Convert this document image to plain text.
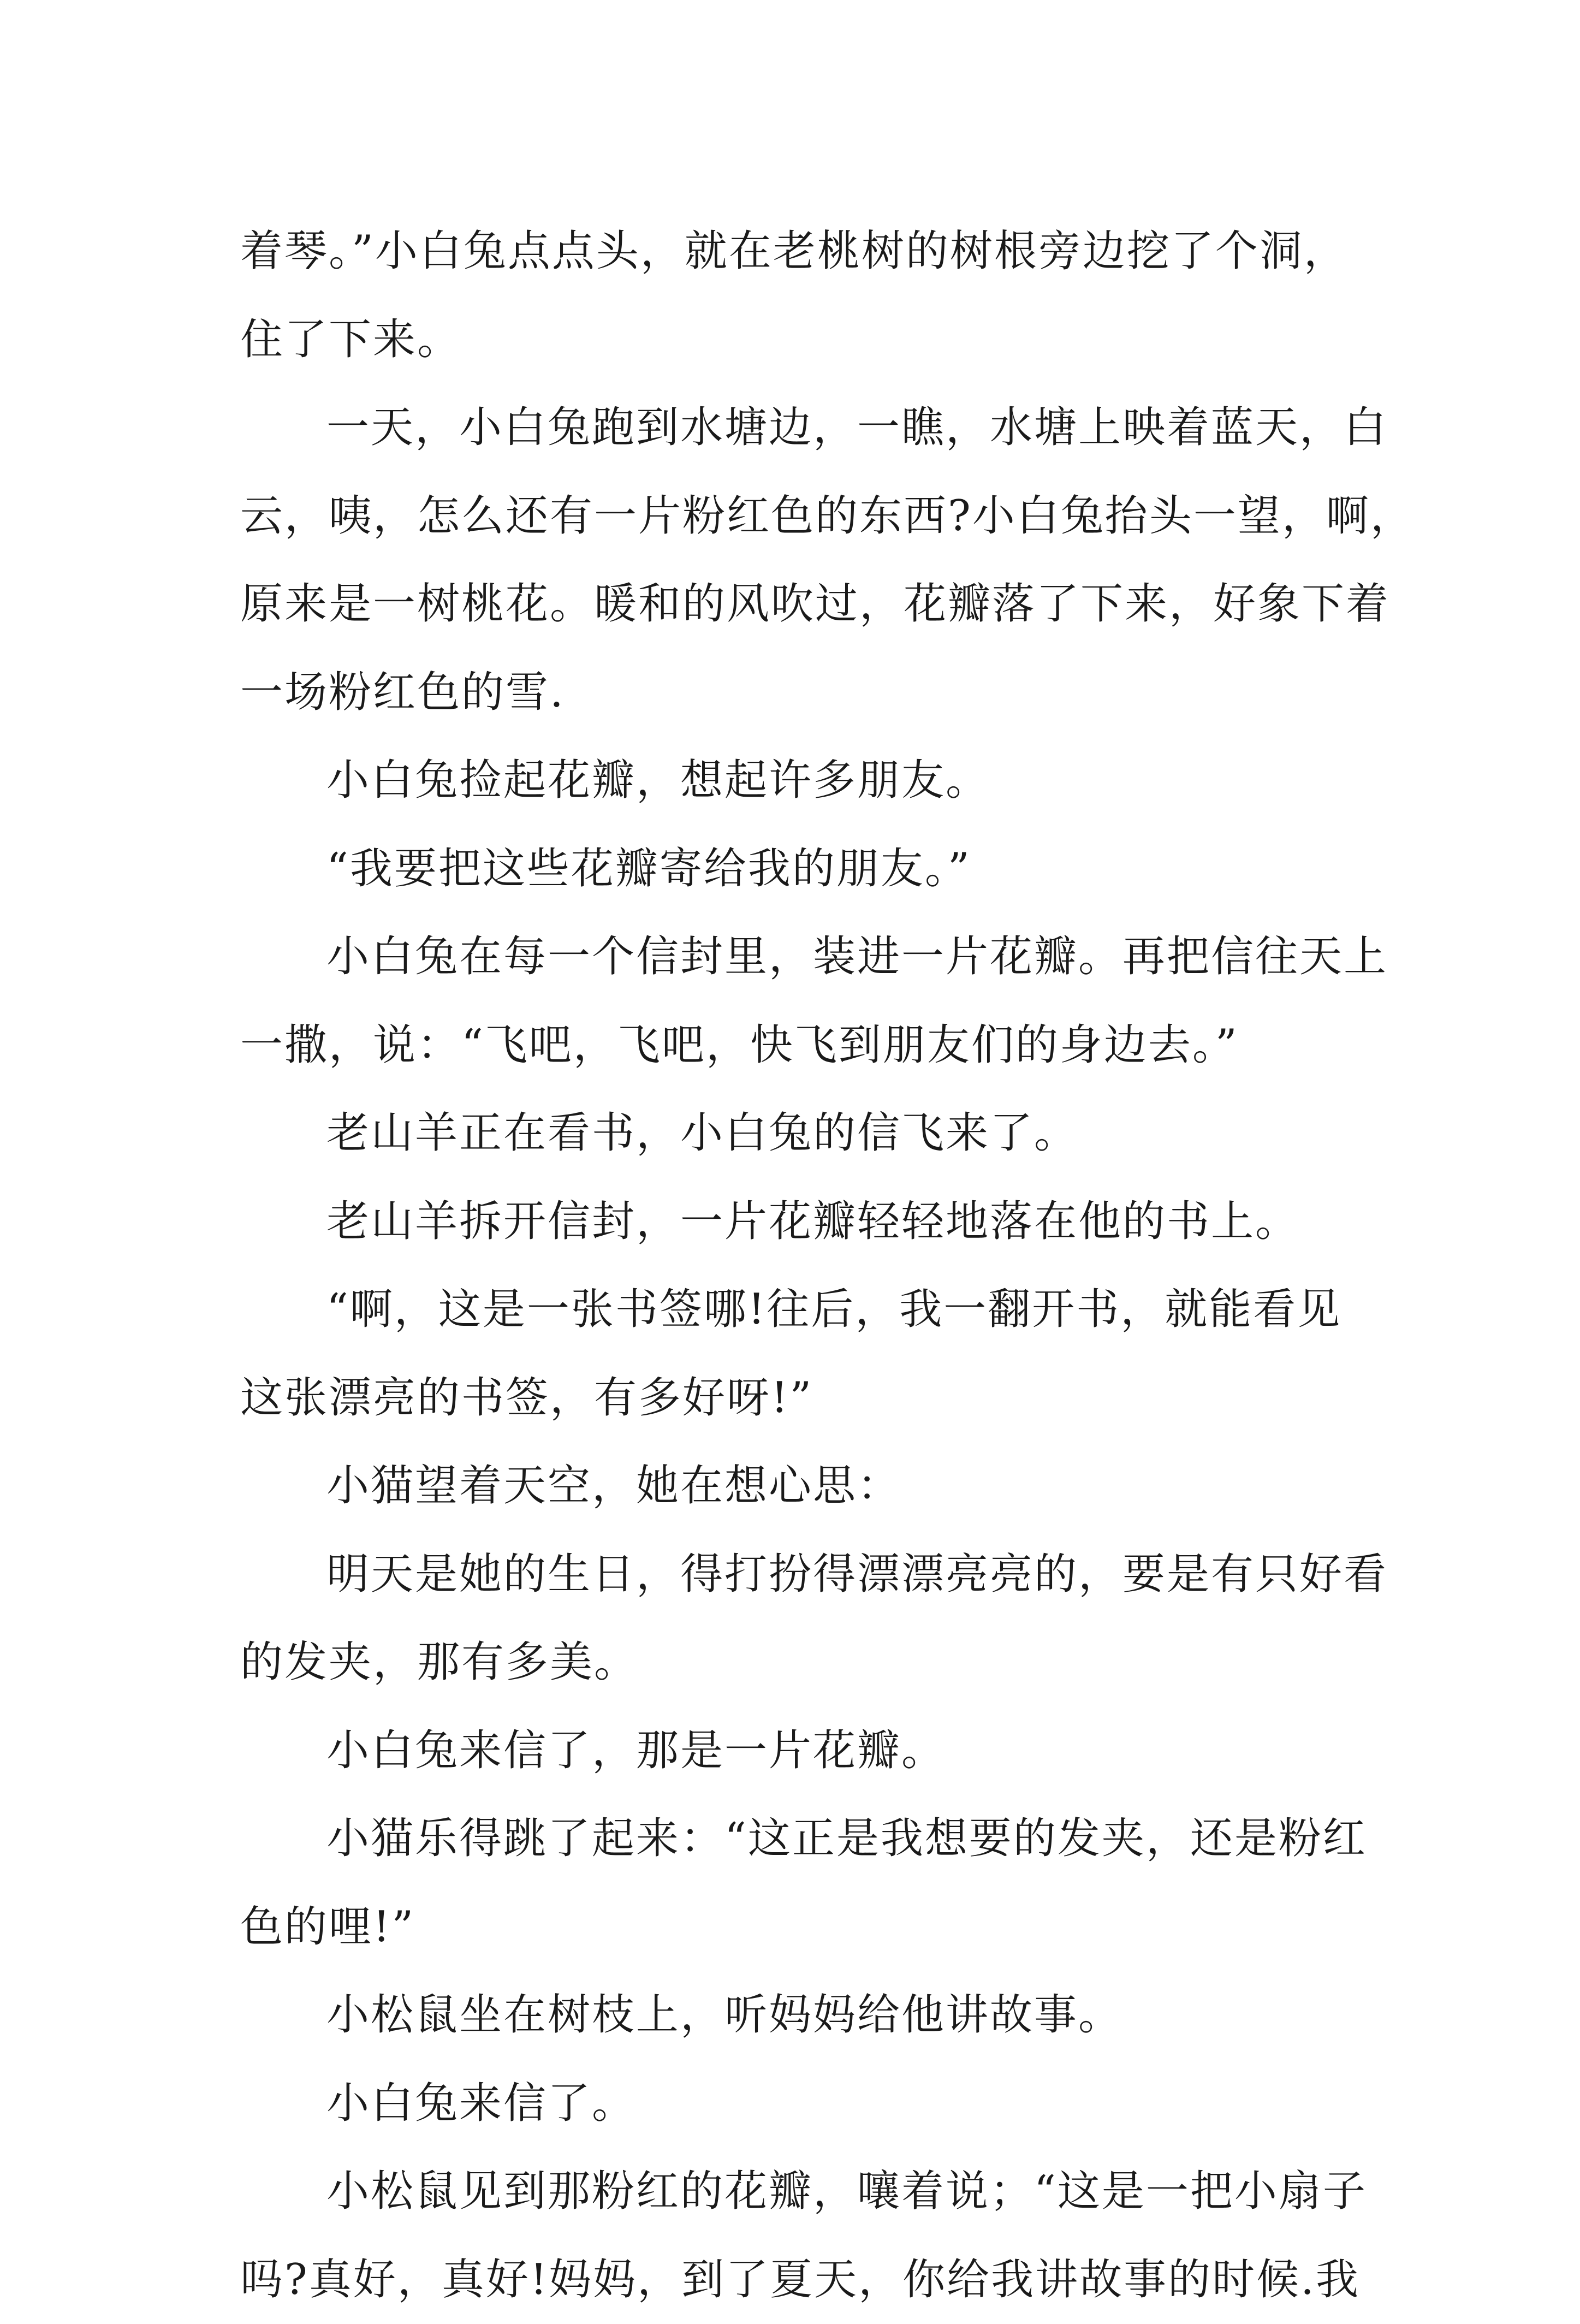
着琴。”小白兔点点头，就在老桃树的树根旁边挖了个洞，
住了下来。
一天，小白兔跑到水塘边，一瞧，水塘上映着蓝天，白
云，咦，怎么还有一片粉红色的东西?小白兔抬头一望，啊，
原来是一树桃花。暖和的风吹过，花瓣落了下来，好象下着
一场粉红色的雪.
小白兔捡起花瓣，想起许多朋友。
“我要把这些花瓣寄给我的朋友。”
小白兔在每一个信封里，装进一片花瓣。再把信往天上
一撒，说：“飞吧，飞吧，快飞到朋友们的身边去。”
老山羊正在看书，小白兔的信飞来了。
老山羊拆开信封，一片花瓣轻轻地落在他的书上。
“啊，这是一张书签哪!往后，我一翻开书，就能看见
这张漂亮的书签，有多好呀!”
小猫望着天空，她在想心思：
明天是她的生日，得打扮得漂漂亮亮的，要是有只好看
的发夹，那有多美。
小白兔来信了，那是一片花瓣。
小猫乐得跳了起来：“这正是我想要的发夹，还是粉红
色的哩!”
小松鼠坐在树枝上，听妈妈给他讲故事。
小白兔来信了。
小松鼠见到那粉红的花瓣，嚷着说；“这是一把小扇子
吗?真好，真好!妈妈，到了夏天，你给我讲故事的时候.我
